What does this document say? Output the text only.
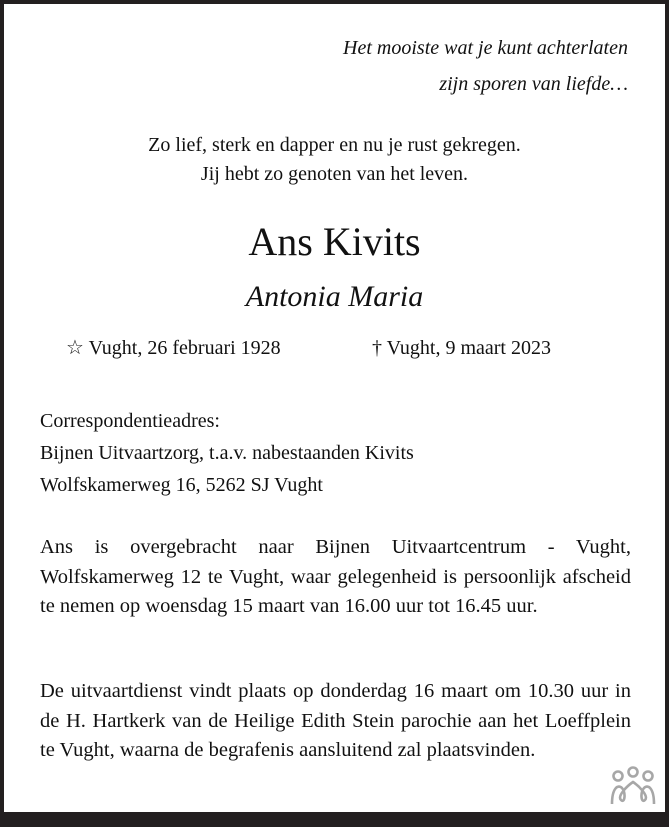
Het mooiste wat je kunt achterlaten
zijn sporen van liefde…
Zo lief, sterk en dapper en nu je rust gekregen.
Jij hebt zo genoten van het leven.
Ans Kivits
Antonia Maria
☆ Vught, 26 februari 1928	† Vught, 9 maart 2023
Correspondentieadres:
Bijnen Uitvaartzorg, t.a.v. nabestaanden Kivits
Wolfskamerweg 16, 5262 SJ Vught
Ans is overgebracht naar Bijnen Uitvaartcentrum - Vught, Wolfskamerweg 12 te Vught, waar gelegenheid is persoonlijk afscheid te nemen op woensdag 15 maart van 16.00 uur tot 16.45 uur.
De uitvaartdienst vindt plaats op donderdag 16 maart om 10.30 uur in de H. Hartkerk van de Heilige Edith Stein parochie aan het Loeffplein te Vught, waarna de begrafenis aansluitend zal plaatsvinden.
